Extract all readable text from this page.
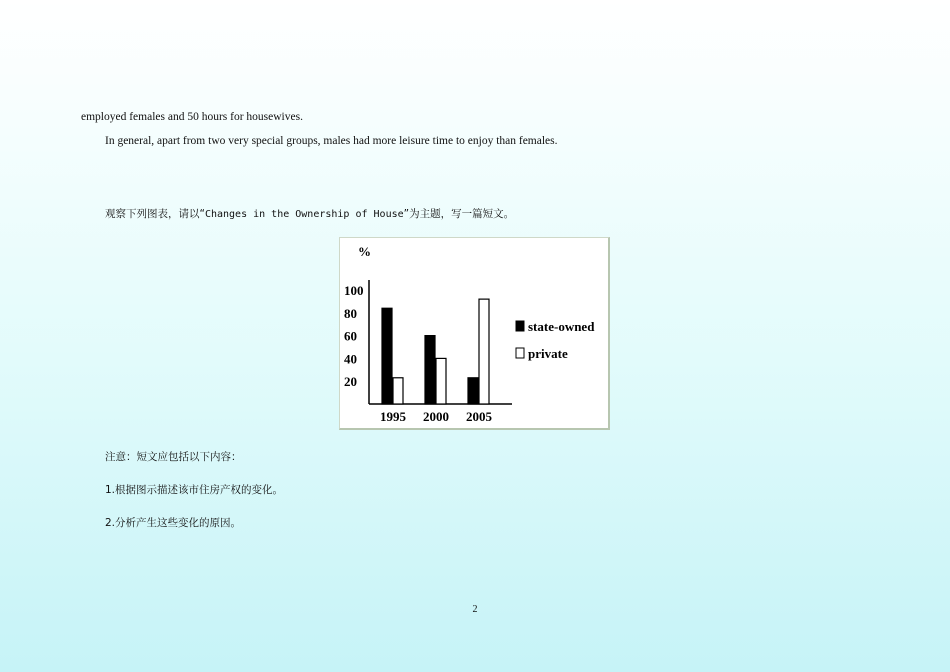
employed females and 50 hours for housewives.
In general, apart from two very special groups, males had more leisure time to enjoy than females.
观察下列图表，请以“Changes in the Ownership of House”为主题，写一篇短文。
%
100
80
60
40
20
1995 2000 2005
state-owned
private
注意：短文应包括以下内容：
1.根据图示描述该市住房产权的变化。
2.分析产生这些变化的原因。
2
